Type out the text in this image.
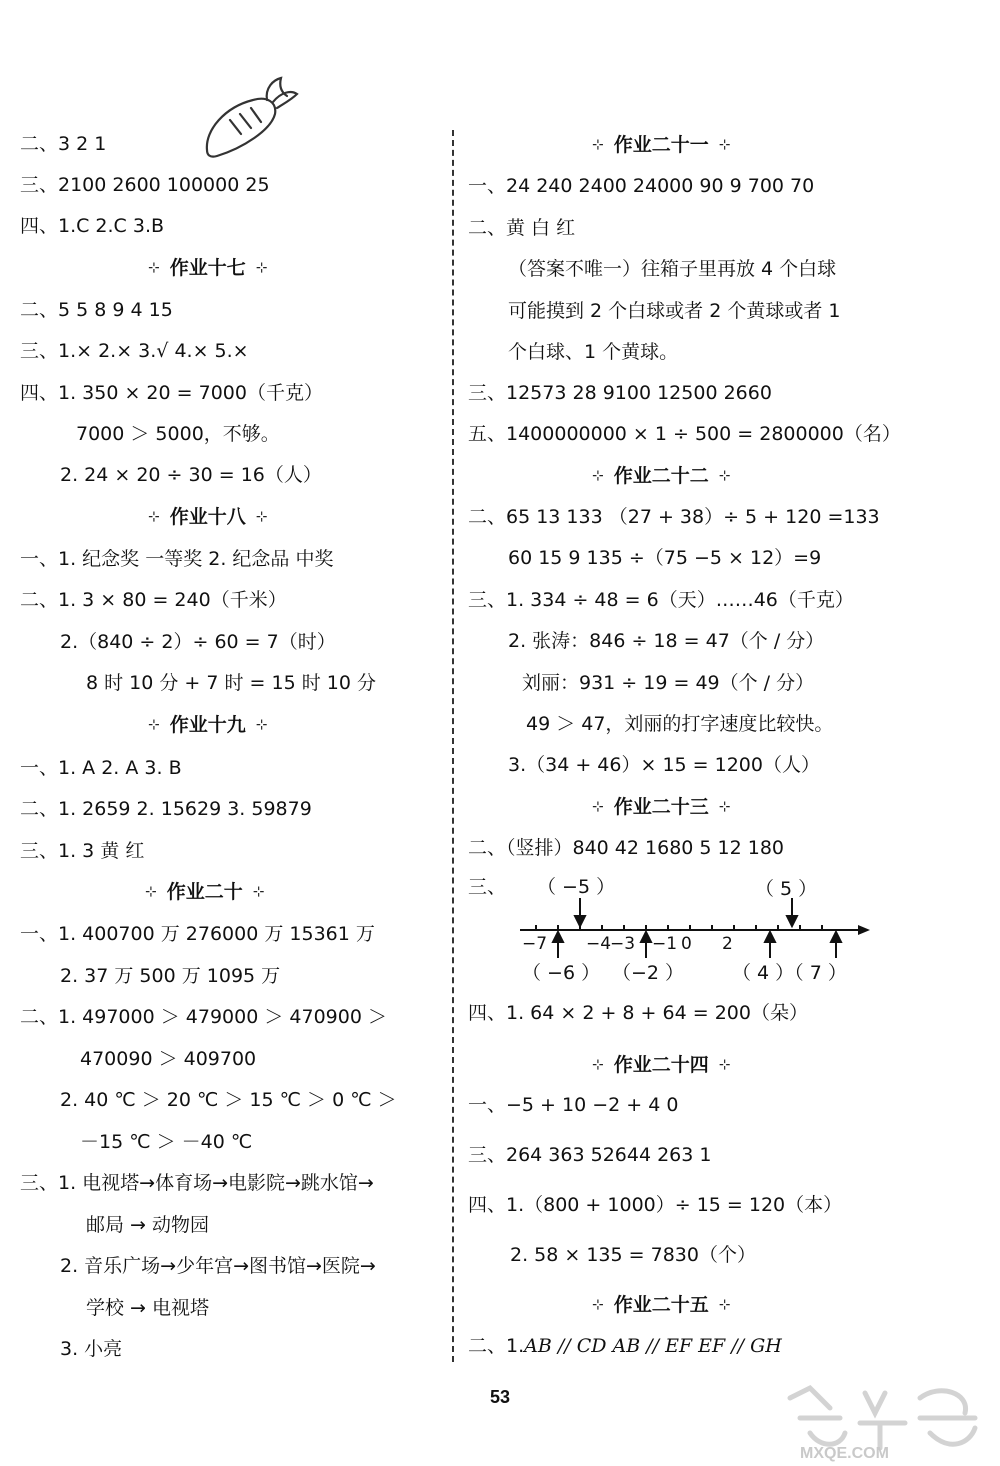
二、3 2 1
三、2100 2600 100000 25
四、1.C 2.C 3.B
⊹ 作业十七 ⊹
二、5 5 8 9 4 15
三、1.× 2.× 3.√ 4.× 5.×
四、1. 350 × 20 = 7000（千克）
7000 ＞ 5000，不够。
2. 24 × 20 ÷ 30 = 16（人）
⊹ 作业十八 ⊹
一、1. 纪念奖 一等奖 2. 纪念品 中奖
二、1. 3 × 80 = 240（千米）
2.（840 ÷ 2）÷ 60 = 7（时）
8 时 10 分 + 7 时 = 15 时 10 分
⊹ 作业十九 ⊹
一、1. A 2. A 3. B
二、1. 2659 2. 15629 3. 59879
三、1. 3 黄 红
⊹ 作业二十 ⊹
一、1. 400700 万 276000 万 15361 万
2. 37 万 500 万 1095 万
二、1. 497000 ＞ 479000 ＞ 470900 ＞
470090 ＞ 409700
2. 40 ℃ ＞ 20 ℃ ＞ 15 ℃ ＞ 0 ℃ ＞
－15 ℃ ＞ －40 ℃
三、1. 电视塔→体育场→电影院→跳水馆→
邮局 → 动物园
2. 音乐广场→少年宫→图书馆→医院→
学校 → 电视塔
3. 小亮
⊹ 作业二十一 ⊹
一、24 240 2400 24000 90 9 700 70
二、黄 白 红
（答案不唯一）往箱子里再放 4 个白球
可能摸到 2 个白球或者 2 个黄球或者 1
个白球、1 个黄球。
三、12573 28 9100 12500 2660
五、1400000000 × 1 ÷ 500 = 2800000（名）
⊹ 作业二十二 ⊹
二、65 13 133 （27 + 38）÷ 5 + 120 =133
60 15 9 135 ÷（75 −5 × 12）=9
三、1. 334 ÷ 48 = 6（天）……46（千克）
2. 张涛：846 ÷ 18 = 47（个 / 分）
刘丽：931 ÷ 19 = 49（个 / 分）
49 ＞ 47，刘丽的打字速度比较快。
3.（34 + 46）× 15 = 1200（人）
⊹ 作业二十三 ⊹
二、（竖排）840 42 1680 5 12 180
三、 （ −5 ）	（ 5 ）
（ −6 ） （−2 ）	（ 4 ）（ 7 ）
四、1. 64 × 2 + 8 + 64 = 200（朵）
⊹ 作业二十四 ⊹
一、−5 + 10 −2 + 4 0
三、264 363 52644 263 1
四、1.（800 + 1000）÷ 15 = 120（本）
2. 58 × 135 = 7830（个）
⊹ 作业二十五 ⊹
二、1.AB // CD AB // EF EF // GH
−7 −4
−3 −1 0 2
53
MXQE.COM
